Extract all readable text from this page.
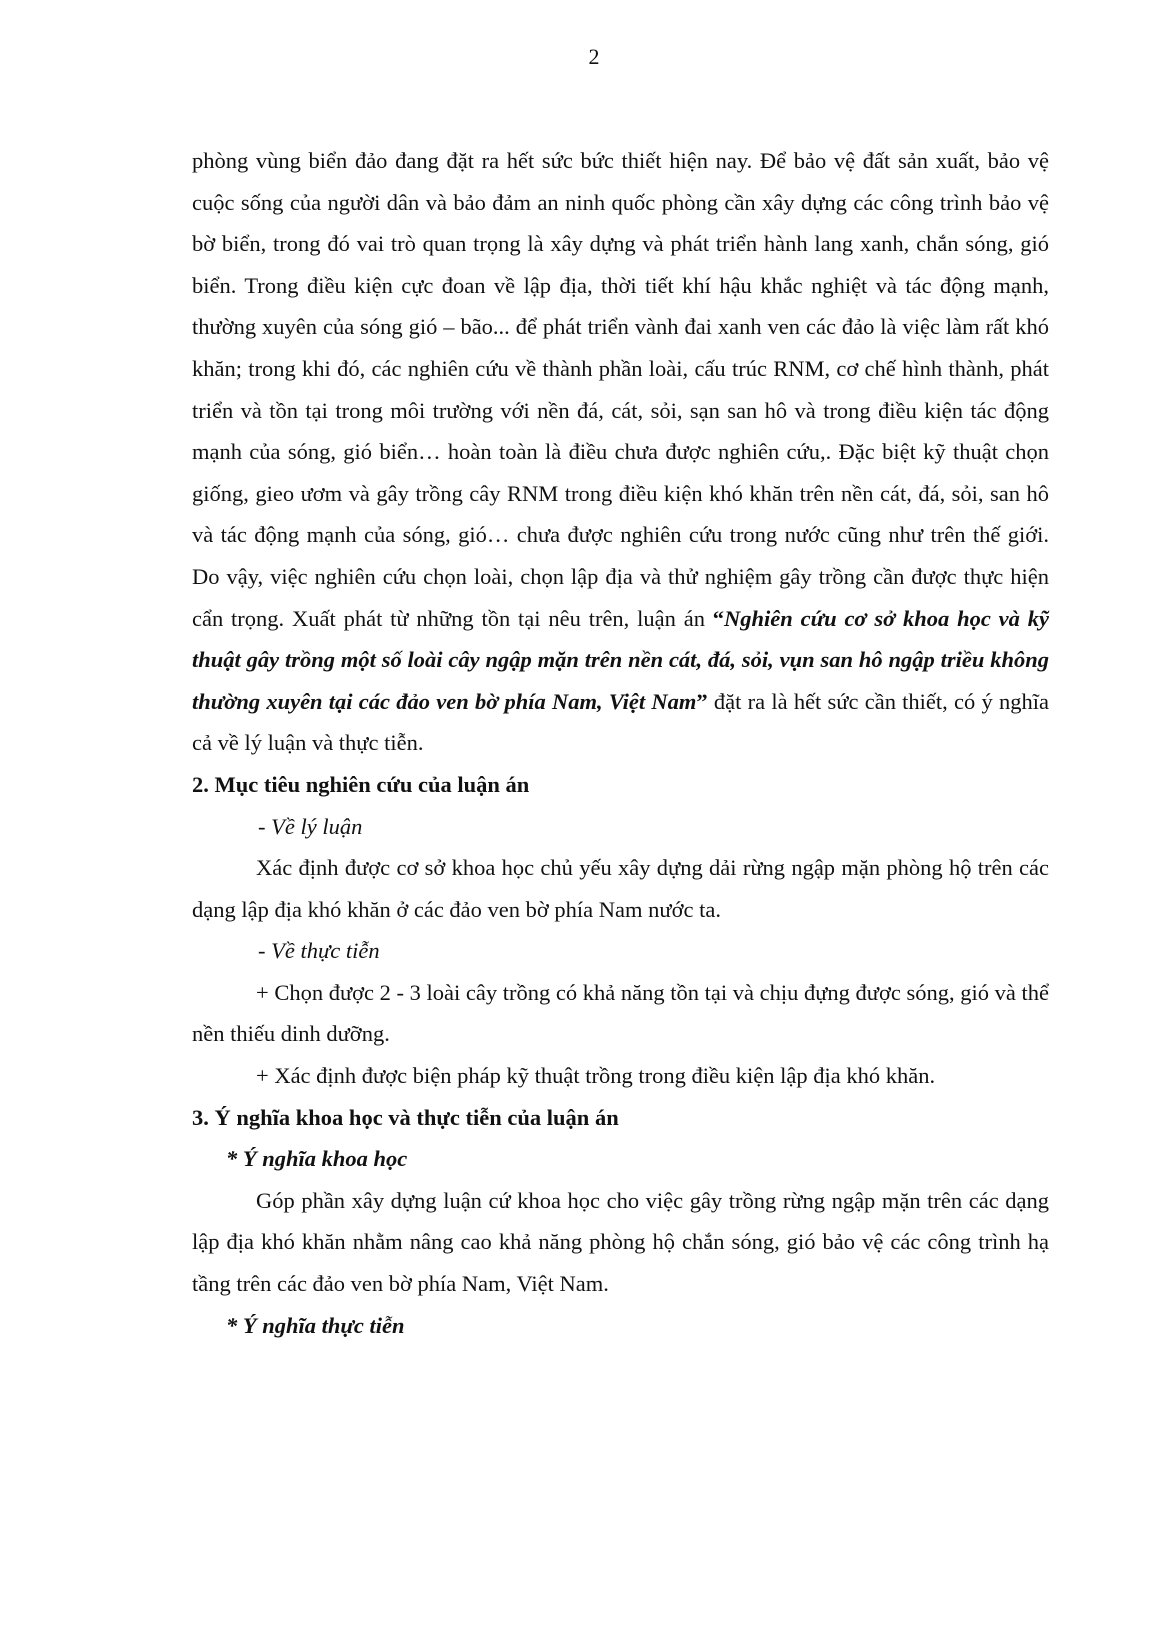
2

phòng vùng biển đảo đang đặt ra hết sức bức thiết hiện nay. Để bảo vệ đất sản xuất, bảo vệ cuộc sống của người dân và bảo đảm an ninh quốc phòng cần xây dựng các công trình bảo vệ bờ biển, trong đó vai trò quan trọng là xây dựng và phát triển hành lang xanh, chắn sóng, gió biển. Trong điều kiện cực đoan về lập địa, thời tiết khí hậu khắc nghiệt và tác động mạnh, thường xuyên của sóng gió – bão... để phát triển vành đai xanh ven các đảo là việc làm rất khó khăn; trong khi đó, các nghiên cứu về thành phần loài, cấu trúc RNM, cơ chế hình thành, phát triển và tồn tại trong môi trường với nền đá, cát, sỏi, sạn san hô và trong điều kiện tác động mạnh của sóng, gió biển… hoàn toàn là điều chưa được nghiên cứu,. Đặc biệt kỹ thuật chọn giống, gieo ươm và gây trồng cây RNM trong điều kiện khó khăn trên nền cát, đá, sỏi, san hô và tác động mạnh của sóng, gió… chưa được nghiên cứu trong nước cũng như trên thế giới. Do vậy, việc nghiên cứu chọn loài, chọn lập địa và thử nghiệm gây trồng cần được thực hiện cẩn trọng. Xuất phát từ những tồn tại nêu trên, luận án “Nghiên cứu cơ sở khoa học và kỹ thuật gây trồng một số loài cây ngập mặn trên nền cát, đá, sỏi, vụn san hô ngập triều không thường xuyên tại các đảo ven bờ phía Nam, Việt Nam” đặt ra là hết sức cần thiết, có ý nghĩa cả về lý luận và thực tiễn.

2. Mục tiêu nghiên cứu của luận án

- Về lý luận

Xác định được cơ sở khoa học chủ yếu xây dựng dải rừng ngập mặn phòng hộ trên các dạng lập địa khó khăn ở các đảo ven bờ phía Nam nước ta.

- Về thực tiễn

+ Chọn được 2 - 3 loài cây trồng có khả năng tồn tại và chịu đựng được sóng, gió và thể nền thiếu dinh dưỡng.

+ Xác định được biện pháp kỹ thuật trồng trong điều kiện lập địa khó khăn.

3. Ý nghĩa khoa học và thực tiễn của luận án

* Ý nghĩa khoa học

Góp phần xây dựng luận cứ khoa học cho việc gây trồng rừng ngập mặn trên các dạng lập địa khó khăn nhằm nâng cao khả năng phòng hộ chắn sóng, gió bảo vệ các công trình hạ tầng trên các đảo ven bờ phía Nam, Việt Nam.

* Ý nghĩa thực tiễn
